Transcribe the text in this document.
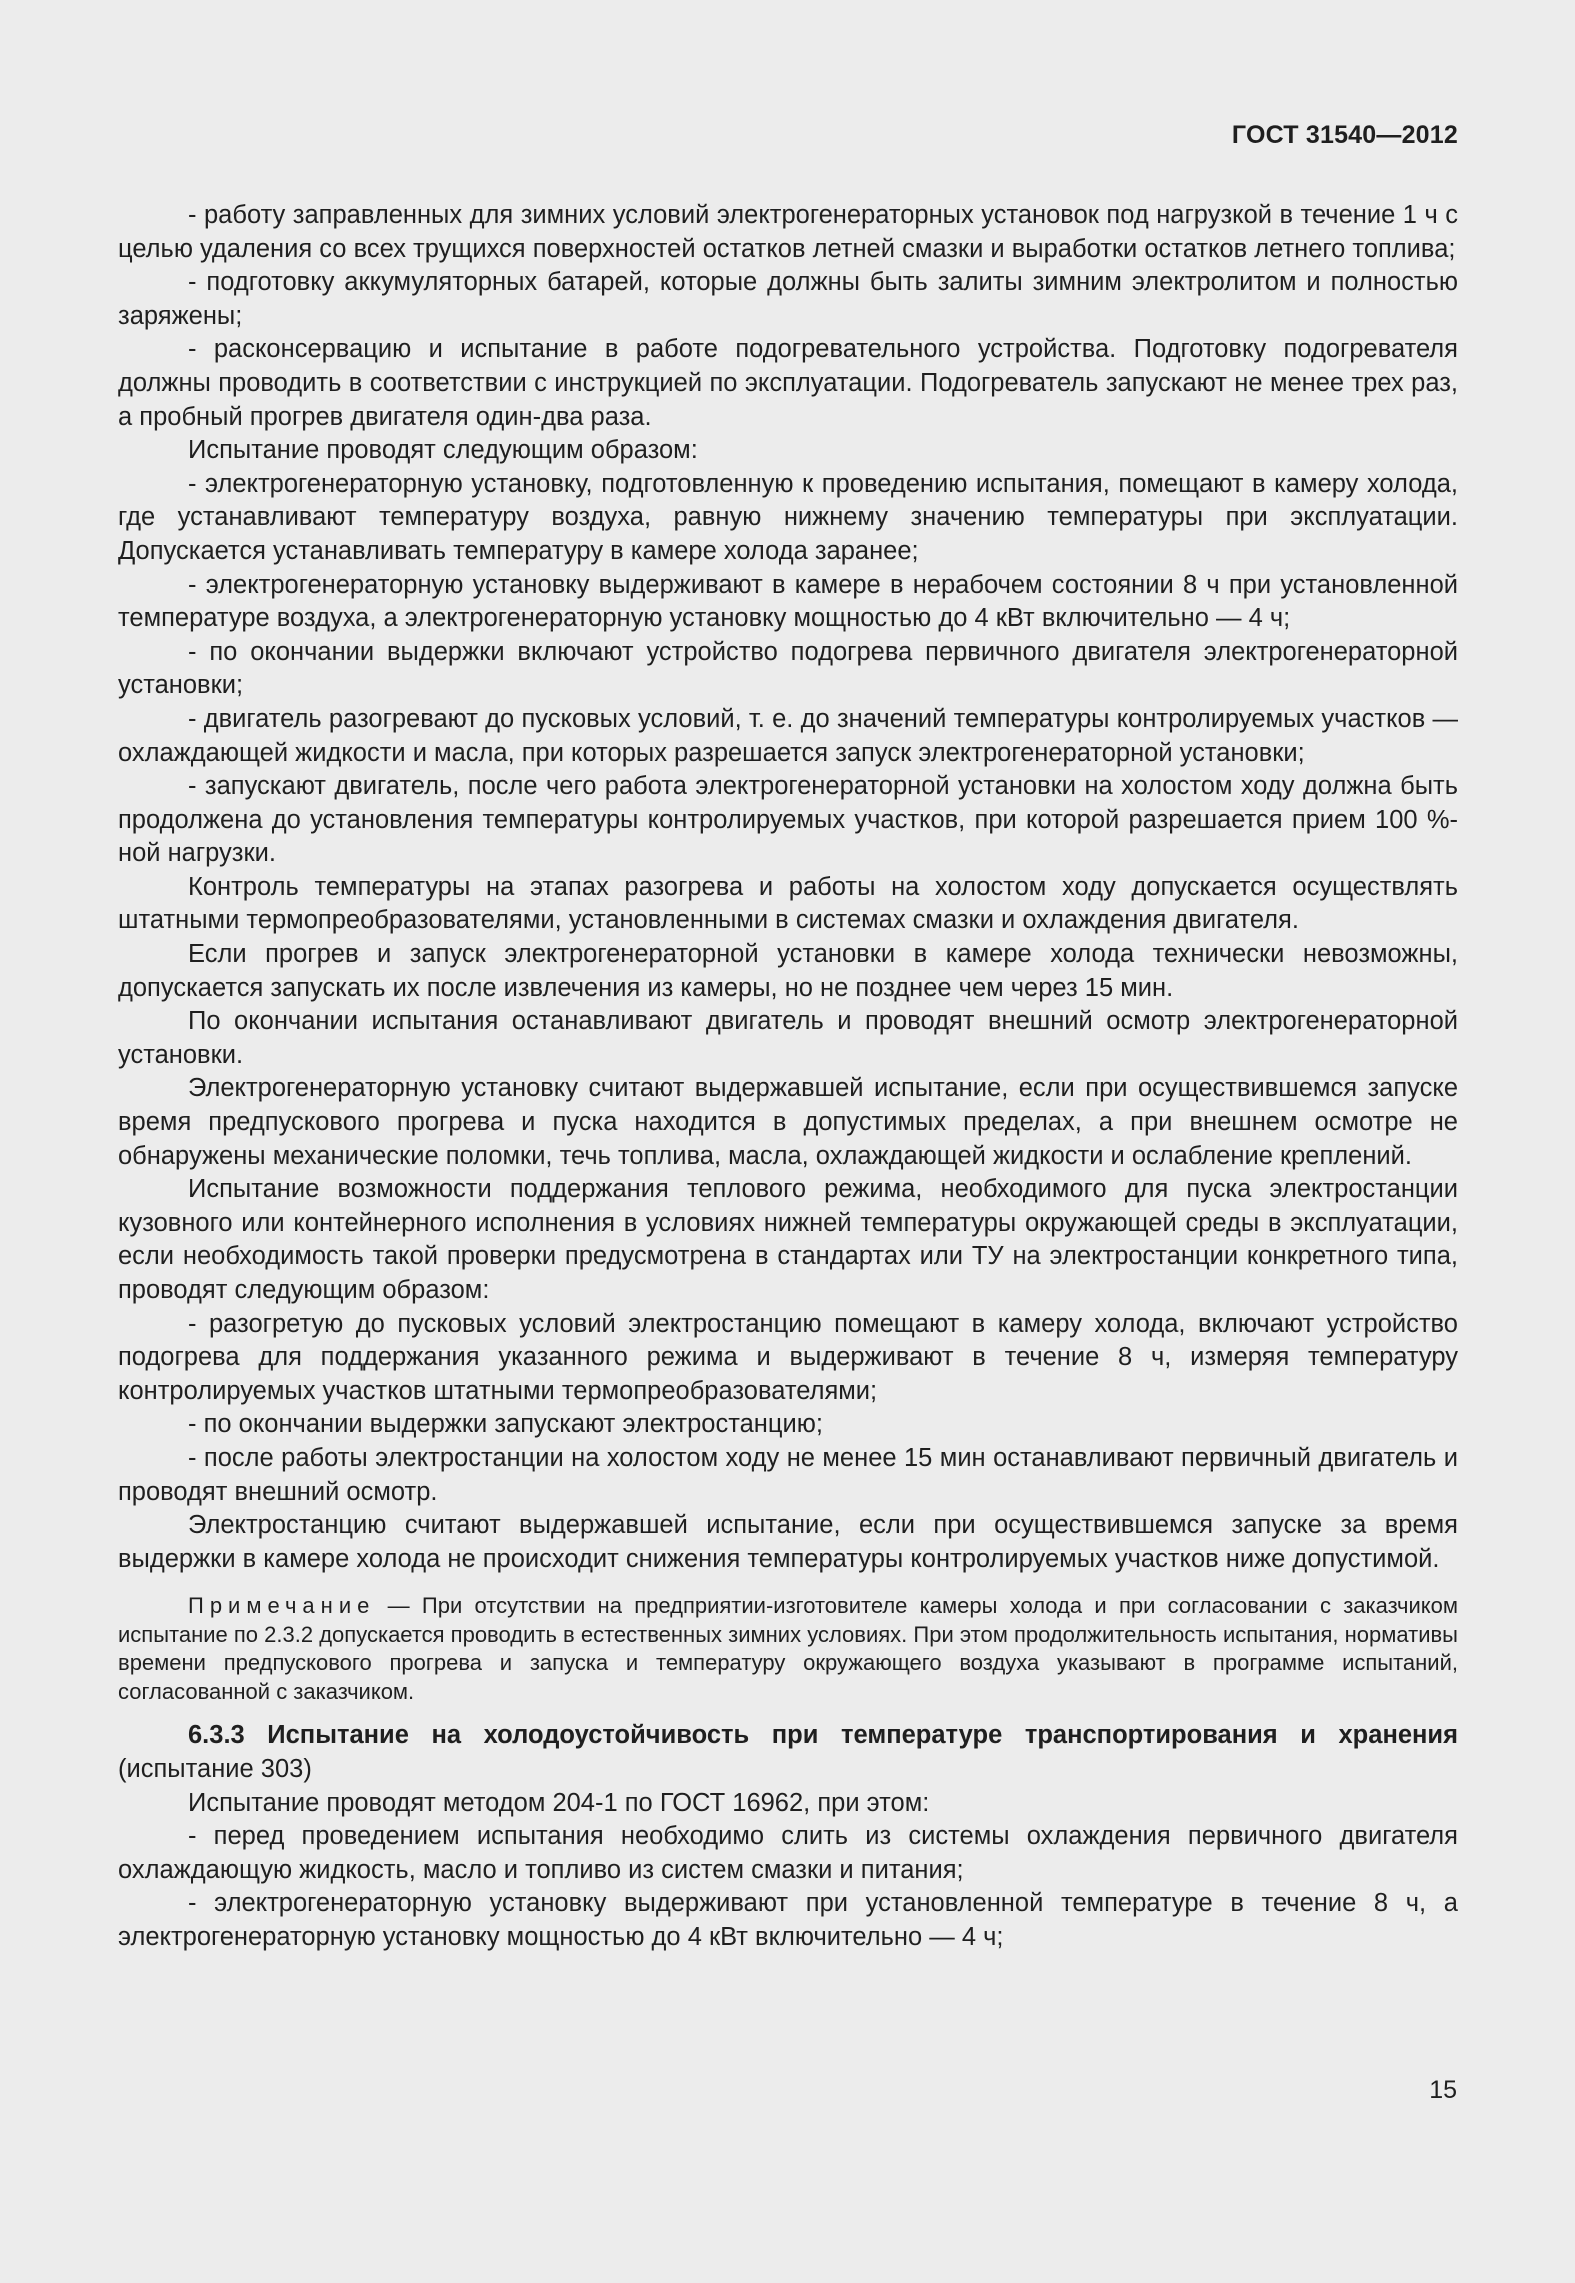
ГОСТ 31540—2012

- работу заправленных для зимних условий электрогенераторных установок под нагрузкой в течение 1 ч с целью удаления со всех трущихся поверхностей остатков летней смазки и выработки остатков летнего топлива;

- подготовку аккумуляторных батарей, которые должны быть залиты зимним электролитом и полностью заряжены;

- расконсервацию и испытание в работе подогревательного устройства. Подготовку подогревателя должны проводить в соответствии с инструкцией по эксплуатации. Подогреватель запускают не менее трех раз, а пробный прогрев двигателя один-два раза.

Испытание проводят следующим образом:

- электрогенераторную установку, подготовленную к проведению испытания, помещают в камеру холода, где устанавливают температуру воздуха, равную нижнему значению температуры при эксплуатации. Допускается устанавливать температуру в камере холода заранее;

- электрогенераторную установку выдерживают в камере в нерабочем состоянии 8 ч при установленной температуре воздуха, а электрогенераторную установку мощностью до 4 кВт включительно — 4 ч;

- по окончании выдержки включают устройство подогрева первичного двигателя электрогенераторной установки;

- двигатель разогревают до пусковых условий, т. е. до значений температуры контролируемых участков — охлаждающей жидкости и масла, при которых разрешается запуск электрогенераторной установки;

- запускают двигатель, после чего работа электрогенераторной установки на холостом ходу должна быть продолжена до установления температуры контролируемых участков, при которой разрешается прием 100 %-ной нагрузки.

Контроль температуры на этапах разогрева и работы на холостом ходу допускается осуществлять штатными термопреобразователями, установленными в системах смазки и охлаждения двигателя.

Если прогрев и запуск электрогенераторной установки в камере холода технически невозможны, допускается запускать их после извлечения из камеры, но не позднее чем через 15 мин.

По окончании испытания останавливают двигатель и проводят внешний осмотр электрогенераторной установки.

Электрогенераторную установку считают выдержавшей испытание, если при осуществившемся запуске время предпускового прогрева и пуска находится в допустимых пределах, а при внешнем осмотре не обнаружены механические поломки, течь топлива, масла, охлаждающей жидкости и ослабление креплений.

Испытание возможности поддержания теплового режима, необходимого для пуска электростанции кузовного или контейнерного исполнения в условиях нижней температуры окружающей среды в эксплуатации, если необходимость такой проверки предусмотрена в стандартах или ТУ на электростанции конкретного типа, проводят следующим образом:

- разогретую до пусковых условий электростанцию помещают в камеру холода, включают устройство подогрева для поддержания указанного режима и выдерживают в течение 8 ч, измеряя температуру контролируемых участков штатными термопреобразователями;

- по окончании выдержки запускают электростанцию;

- после работы электростанции на холостом ходу не менее 15 мин останавливают первичный двигатель и проводят внешний осмотр.

Электростанцию считают выдержавшей испытание, если при осуществившемся запуске за время выдержки в камере холода не происходит снижения температуры контролируемых участков ниже допустимой.

Примечание — При отсутствии на предприятии-изготовителе камеры холода и при согласовании с заказчиком испытание по 2.3.2 допускается проводить в естественных зимних условиях. При этом продолжительность испытания, нормативы времени предпускового прогрева и запуска и температуру окружающего воздуха указывают в программе испытаний, согласованной с заказчиком.

6.3.3 Испытание на холодоустойчивость при температуре транспортирования и хранения (испытание 303)

Испытание проводят методом 204-1 по ГОСТ 16962, при этом:

- перед проведением испытания необходимо слить из системы охлаждения первичного двигателя охлаждающую жидкость, масло и топливо из систем смазки и питания;

- электрогенераторную установку выдерживают при установленной температуре в течение 8 ч, а электрогенераторную установку мощностью до 4 кВт включительно — 4 ч;

15
